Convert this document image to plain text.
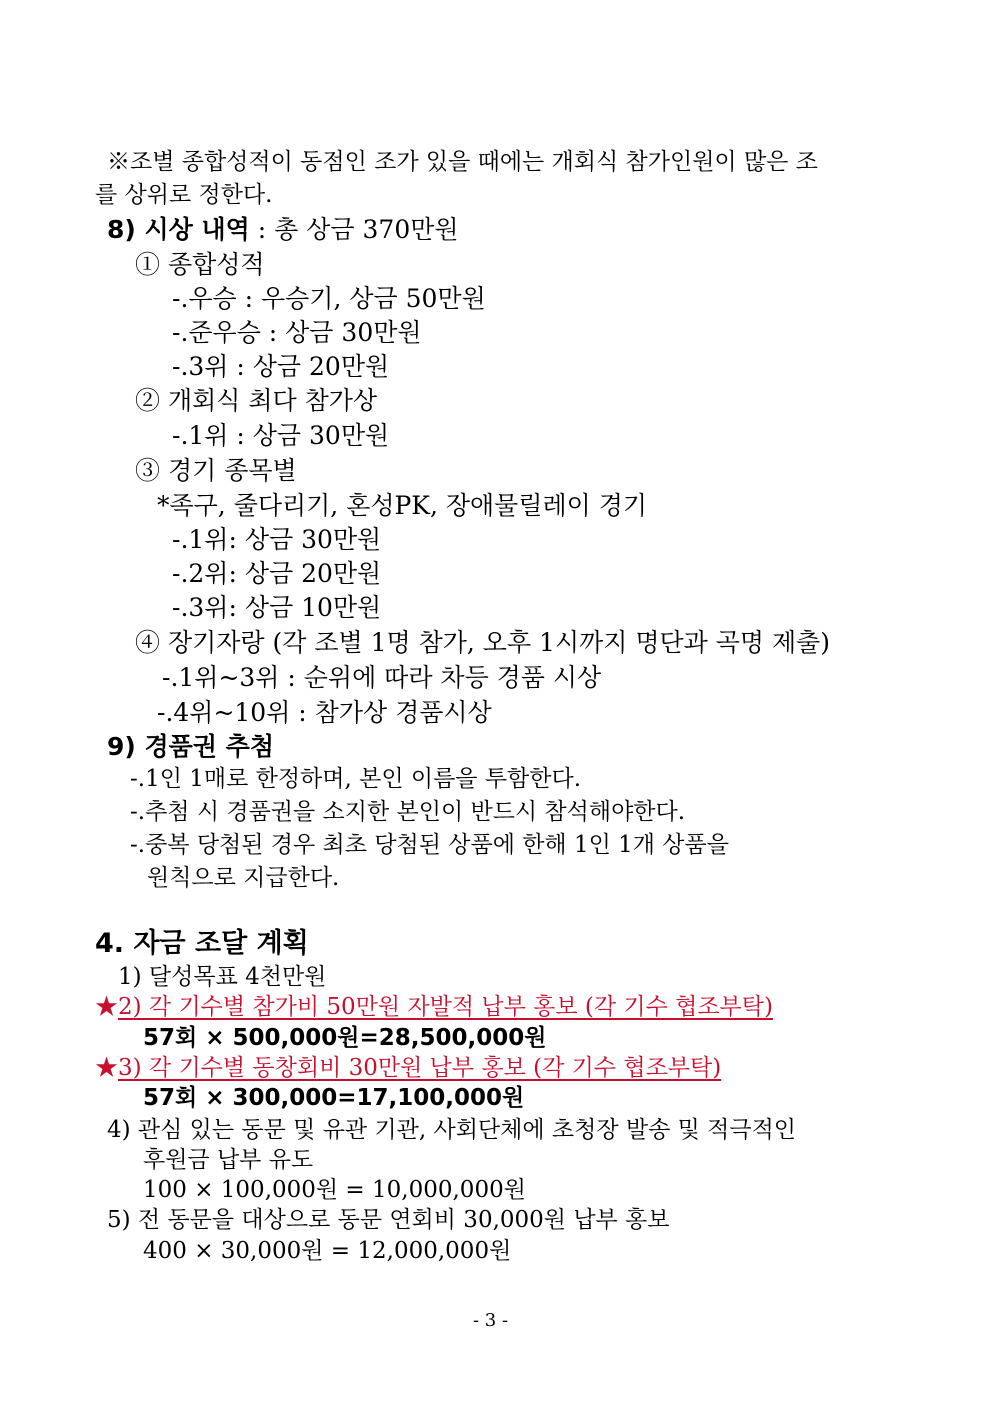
※조별 종합성적이 동점인 조가 있을 때에는 개회식 참가인원이 많은 조
를 상위로 정한다.
8) 시상 내역 : 총 상금 370만원
① 종합성적
-.우승 : 우승기, 상금 50만원
-.준우승 : 상금 30만원
-.3위 : 상금 20만원
② 개회식 최다 참가상
-.1위 : 상금 30만원
③ 경기 종목별
*족구, 줄다리기, 혼성PK, 장애물릴레이 경기
-.1위: 상금 30만원
-.2위: 상금 20만원
-.3위: 상금 10만원
④ 장기자랑 (각 조별 1명 참가, 오후 1시까지 명단과 곡명 제출)
-.1위~3위 : 순위에 따라 차등 경품 시상
-.4위~10위 : 참가상 경품시상
9) 경품권 추첨
-.1인 1매로 한정하며, 본인 이름을 투함한다.
-.추첨 시 경품권을 소지한 본인이 반드시 참석해야한다.
-.중복 당첨된 경우 최초 당첨된 상품에 한해 1인 1개 상품을
원칙으로 지급한다.
4. 자금 조달 계획
1) 달성목표 4천만원
★2) 각 기수별 참가비 50만원 자발적 납부 홍보 (각 기수 협조부탁)
57회 × 500,000원=28,500,000원
★3) 각 기수별 동창회비 30만원 납부 홍보 (각 기수 협조부탁)
57회 × 300,000=17,100,000원
4) 관심 있는 동문 및 유관 기관, 사회단체에 초청장 발송 및 적극적인
후원금 납부 유도
100 × 100,000원 = 10,000,000원
5) 전 동문을 대상으로 동문 연회비 30,000원 납부 홍보
400 × 30,000원 = 12,000,000원
- 3 -
